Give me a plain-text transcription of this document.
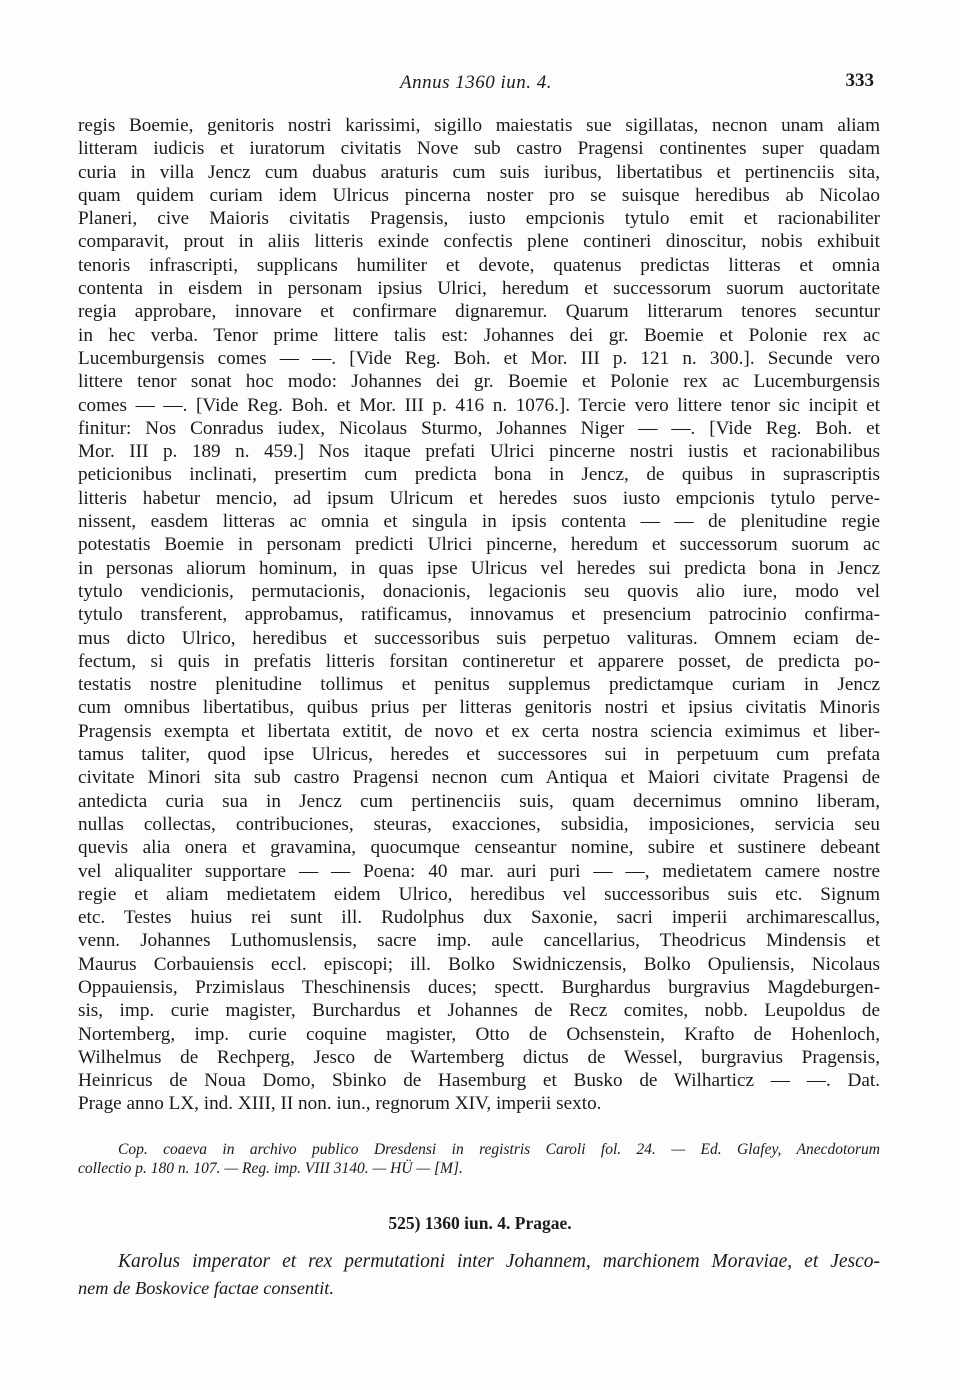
Annus 1360 iun. 4.	333
regis Boemie, genitoris nostri karissimi, sigillo maiestatis sue sigillatas, necnon unam aliam
litteram iudicis et iuratorum civitatis Nove sub castro Pragensi continentes super quadam
curia in villa Jencz cum duabus araturis cum suis iuribus, libertatibus et pertinenciis sita,
quam quidem curiam idem Ulricus pincerna noster pro se suisque heredibus ab Nicolao
Planeri, cive Maioris civitatis Pragensis, iusto empcionis tytulo emit et racionabiliter
comparavit, prout in aliis litteris exinde confectis plene contineri dinoscitur, nobis exhibuit
tenoris infrascripti, supplicans humiliter et devote, quatenus predictas litteras et omnia
contenta in eisdem in personam ipsius Ulrici, heredum et successorum suorum auctoritate
regia approbare, innovare et confirmare dignaremur. Quarum litterarum tenores secuntur
in hec verba. Tenor prime littere talis est: Johannes dei gr. Boemie et Polonie rex ac
Lucemburgensis comes — —. [Vide Reg. Boh. et Mor. III p. 121 n. 300.]. Secunde vero
littere tenor sonat hoc modo: Johannes dei gr. Boemie et Polonie rex ac Lucemburgensis
comes — —. [Vide Reg. Boh. et Mor. III p. 416 n. 1076.]. Tercie vero littere tenor sic incipit et
finitur: Nos Conradus iudex, Nicolaus Sturmo, Johannes Niger — —. [Vide Reg. Boh. et
Mor. III p. 189 n. 459.] Nos itaque prefati Ulrici pincerne nostri iustis et racionabilibus
peticionibus inclinati, presertim cum predicta bona in Jencz, de quibus in suprascriptis
litteris habetur mencio, ad ipsum Ulricum et heredes suos iusto empcionis tytulo perve-
nissent, easdem litteras ac omnia et singula in ipsis contenta — — de plenitudine regie
potestatis Boemie in personam predicti Ulrici pincerne, heredum et successorum suorum ac
in personas aliorum hominum, in quas ipse Ulricus vel heredes sui predicta bona in Jencz
tytulo vendicionis, permutacionis, donacionis, legacionis seu quovis alio iure, modo vel
tytulo transferent, approbamus, ratificamus, innovamus et presencium patrocinio confirma-
mus dicto Ulrico, heredibus et successoribus suis perpetuo valituras. Omnem eciam de-
fectum, si quis in prefatis litteris forsitan contineretur et apparere posset, de predicta po-
testatis nostre plenitudine tollimus et penitus supplemus predictamque curiam in Jencz
cum omnibus libertatibus, quibus prius per litteras genitoris nostri et ipsius civitatis Minoris
Pragensis exempta et libertata extitit, de novo et ex certa nostra sciencia eximimus et liber-
tamus taliter, quod ipse Ulricus, heredes et successores sui in perpetuum cum prefata
civitate Minori sita sub castro Pragensi necnon cum Antiqua et Maiori civitate Pragensi de
antedicta curia sua in Jencz cum pertinenciis suis, quam decernimus omnino liberam,
nullas collectas, contribuciones, steuras, exacciones, subsidia, imposiciones, servicia seu
quevis alia onera et gravamina, quocumque censeantur nomine, subire et sustinere debeant
vel aliqualiter supportare — — Poena: 40 mar. auri puri — —, medietatem camere nostre
regie et aliam medietatem eidem Ulrico, heredibus vel successoribus suis etc. Signum
etc. Testes huius rei sunt ill. Rudolphus dux Saxonie, sacri imperii archimarescallus,
venn. Johannes Luthomuslensis, sacre imp. aule cancellarius, Theodricus Mindensis et
Maurus Corbauiensis eccl. episcopi; ill. Bolko Swidniczensis, Bolko Opuliensis, Nicolaus
Oppauiensis, Przimislaus Theschinensis duces; spectt. Burghardus burgravius Magdeburgen-
sis, imp. curie magister, Burchardus et Johannes de Recz comites, nobb. Leupoldus de
Nortemberg, imp. curie coquine magister, Otto de Ochsenstein, Krafto de Hohenloch,
Wilhelmus de Rechperg, Jesco de Wartemberg dictus de Wessel, burgravius Pragensis,
Heinricus de Noua Domo, Sbinko de Hasemburg et Busko de Wilharticz — —. Dat.
Prage anno LX, ind. XIII, II non. iun., regnorum XIV, imperii sexto.
Cop. coaeva in archivo publico Dresdensi in registris Caroli fol. 24. — Ed. Glafey, Anecdotorum
collectio p. 180 n. 107. — Reg. imp. VIII 3140. — HÜ — [M].
525) 1360 iun. 4. Pragae.
Karolus imperator et rex permutationi inter Johannem, marchionem Moraviae, et Jesco-
nem de Boskovice factae consentit.
